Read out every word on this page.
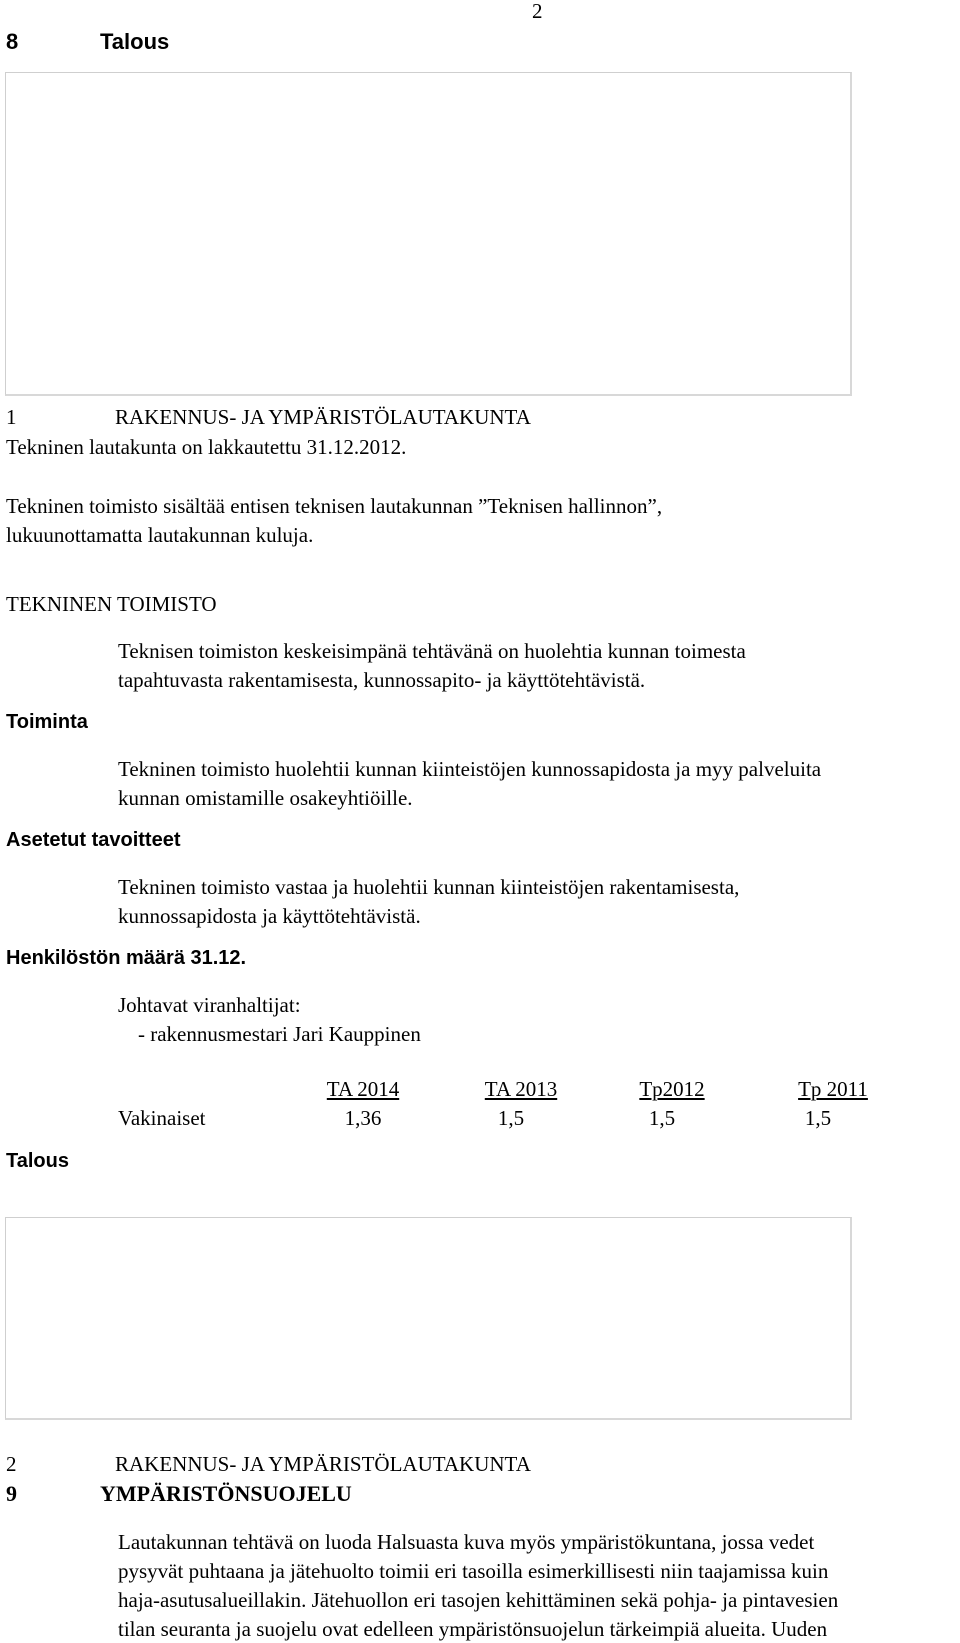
2
8	Talous
1	RAKENNUS- JA YMPÄRISTÖLAUTAKUNTA
Tekninen lautakunta on lakkautettu 31.12.2012.
Tekninen toimisto sisältää entisen teknisen lautakunnan ”Teknisen hallinnon”,
lukuunottamatta lautakunnan kuluja.
TEKNINEN TOIMISTO
Toiminta
Asetetut tavoitteet
Henkilöstön määrä 31.12.
Talous
Teknisen toimiston keskeisimpänä tehtävänä on huolehtia kunnan toimesta
tapahtuvasta rakentamisesta, kunnossapito- ja käyttötehtävistä.
Tekninen toimisto huolehtii kunnan kiinteistöjen kunnossapidosta ja myy palveluita
kunnan omistamille osakeyhtiöille.
Tekninen toimisto vastaa ja huolehtii kunnan kiinteistöjen rakentamisesta,
kunnossapidosta ja käyttötehtävistä.
Johtavat viranhaltijat:
- rakennusmestari Jari Kauppinen
TA 2014	TA 2013	Tp2012	Tp 2011
Vakinaiset	1,36	1,5	1,5	1,5
2	RAKENNUS- JA YMPÄRISTÖLAUTAKUNTA
9	YMPÄRISTÖNSUOJELU
Lautakunnan tehtävä on luoda Halsuasta kuva myös ympäristökuntana, jossa vedet
pysyvät puhtaana ja jätehuolto toimii eri tasoilla esimerkillisesti niin taajamissa kuin
haja-asutusalueillakin. Jätehuollon eri tasojen kehittäminen sekä pohja- ja pintavesien
tilan seuranta ja suojelu ovat edelleen ympäristönsuojelun tärkeimpiä alueita. Uuden
